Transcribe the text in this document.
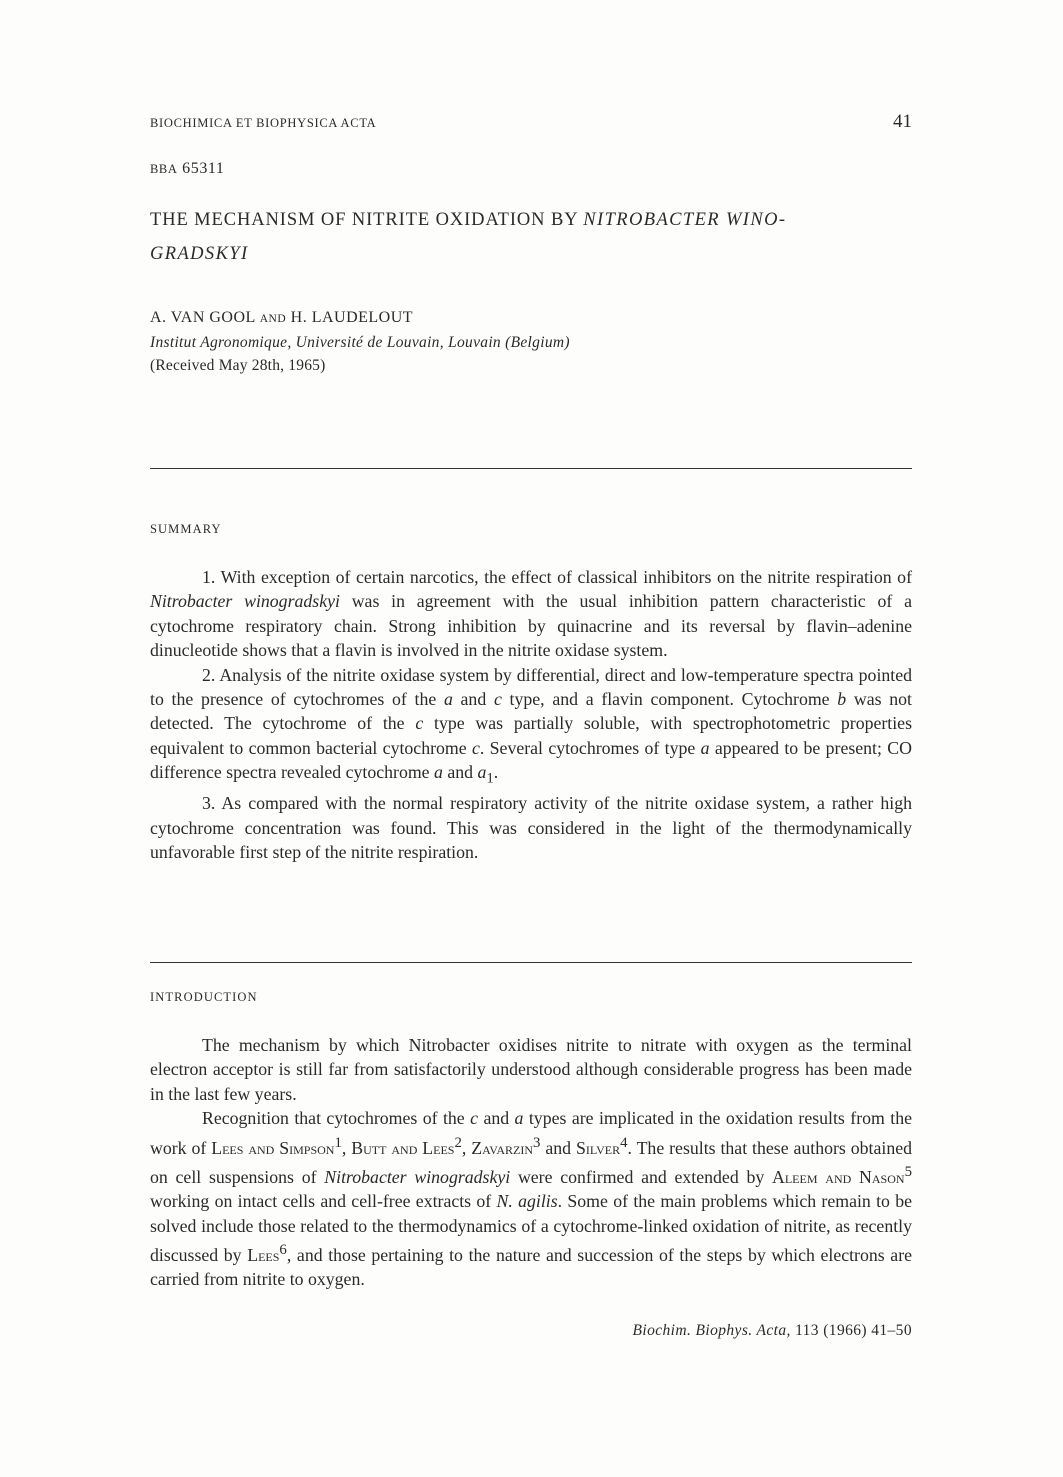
BIOCHIMICA ET BIOPHYSICA ACTA	41
BBA 65311
THE MECHANISM OF NITRITE OXIDATION BY NITROBACTER WINO-
GRADSKYI
A. VAN GOOL AND H. LAUDELOUT
Institut Agronomique, Université de Louvain, Louvain (Belgium)
(Received May 28th, 1965)
SUMMARY

1. With exception of certain narcotics, the effect of classical inhibitors on the nitrite respiration of Nitrobacter winogradskyi was in agreement with the usual inhibition pattern characteristic of a cytochrome respiratory chain. Strong inhibition by quinacrine and its reversal by flavin–adenine dinucleotide shows that a flavin is involved in the nitrite oxidase system.

2. Analysis of the nitrite oxidase system by differential, direct and low-temperature spectra pointed to the presence of cytochromes of the a and c type, and a flavin component. Cytochrome b was not detected. The cytochrome of the c type was partially soluble, with spectrophotometric properties equivalent to common bacterial cytochrome c. Several cytochromes of type a appeared to be present; CO difference spectra revealed cytochrome a and $a_1$.

3. As compared with the normal respiratory activity of the nitrite oxidase system, a rather high cytochrome concentration was found. This was considered in the light of the thermodynamically unfavorable first step of the nitrite respiration.

INTRODUCTION

The mechanism by which Nitrobacter oxidises nitrite to nitrate with oxygen as the terminal electron acceptor is still far from satisfactorily understood although considerable progress has been made in the last few years.

Recognition that cytochromes of the c and a types are implicated in the oxidation results from the work of Lees and Simpson$^1$, Butt and Lees$^2$, Zavarzin$^3$ and Silver$^4$. The results that these authors obtained on cell suspensions of Nitrobacter winogradskyi were confirmed and extended by Aleem and Nason$^5$ working on intact cells and cell-free extracts of N. agilis. Some of the main problems which remain to be solved include those related to the thermodynamics of a cytochrome-linked oxidation of nitrite, as recently discussed by Lees$^6$, and those pertaining to the nature and succession of the steps by which electrons are carried from nitrite to oxygen.

Biochim. Biophys. Acta, 113 (1966) 41–50
